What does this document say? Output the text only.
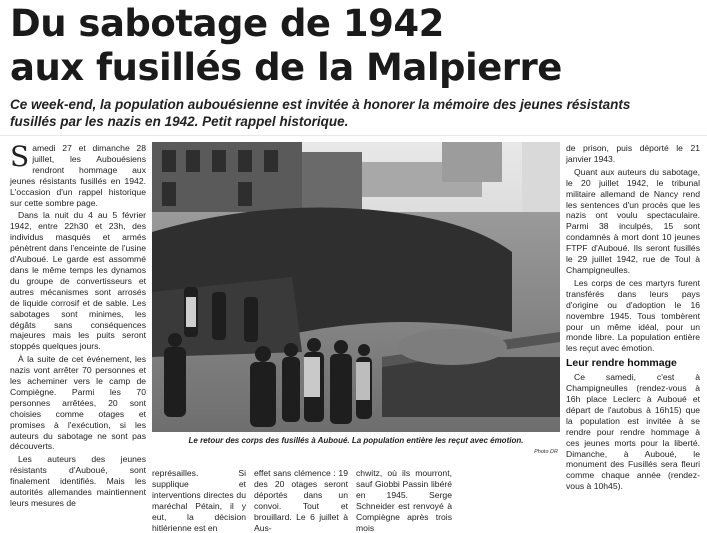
Du sabotage de 1942
aux fusillés de la Malpierre
Ce week-end, la population aubouésienne est invitée à honorer la mémoire des jeunes résistants
fusillés par les nazis en 1942. Petit rappel historique.

Samedi 27 et dimanche 28 juillet, les Aubouésiens rendront hommage aux jeunes résistants fusillés en 1942. L'occasion d'un rappel historique sur cette sombre page.

Dans la nuit du 4 au 5 février 1942, entre 22h30 et 23h, des individus masqués et armés pénètrent dans l'enceinte de l'usine d'Auboué. Le garde est assommé dans le même temps les dynamos du groupe de convertisseurs et autres mécanismes sont arrosés de liquide corrosif et de sable. Les sabotages sont minimes, les dégâts sans conséquences majeures mais les puits seront stoppés quelques jours.

À la suite de cet événement, les nazis vont arrêter 70 personnes et les acheminer vers le camp de Compiègne. Parmi les 70 personnes arrêtées, 20 sont choisies comme otages et promises à l'exécution, si les auteurs du sabotage ne sont pas découverts.

Les auteurs des jeunes résistants d'Auboué, sont finalement identifiés. Mais les autorités allemandes maintiennent leurs mesures de

Le retour des corps des fusillés à Auboué. La population entière les reçut avec émotion.
Photo DR

représailles. Si supplique et interventions directes du maréchal Pétain, il y eut, la décision hitlérienne est en

effet sans clémence : 19 des 20 otages seront déportés dans un convoi. Tout et brouillard. Le 6 juillet à Aus-

chwitz, où ils mourront, sauf Giobbi Passin libéré en 1945. Serge Schneider est renvoyé à Compiègne après trois mois

de prison, puis déporté le 21 janvier 1943.

Quant aux auteurs du sabotage, le 20 juillet 1942, le tribunal militaire allemand de Nancy rend les sentences d'un procès que les nazis ont voulu spectaculaire. Parmi 38 inculpés, 15 sont condamnés à mort dont 10 jeunes FTPF d'Auboué. Ils seront fusillés le 29 juillet 1942, rue de Toul à Champigneulles.

Les corps de ces martyrs furent transférés dans leurs pays d'origine ou d'adoption le 16 novembre 1945. Tous tombèrent pour un même idéal, pour un monde libre. La population entière les reçut avec émotion.

Leur rendre hommage

Ce samedi, c'est à Champigneulles (rendez-vous à 16h place Leclerc à Auboué et départ de l'autobus à 16h15) que la population est invitée à se rendre pour rendre hommage à ces jeunes morts pour la liberté. Dimanche, à Auboué, le monument des Fusillés sera fleuri comme chaque année (rendez-vous à 10h45).
